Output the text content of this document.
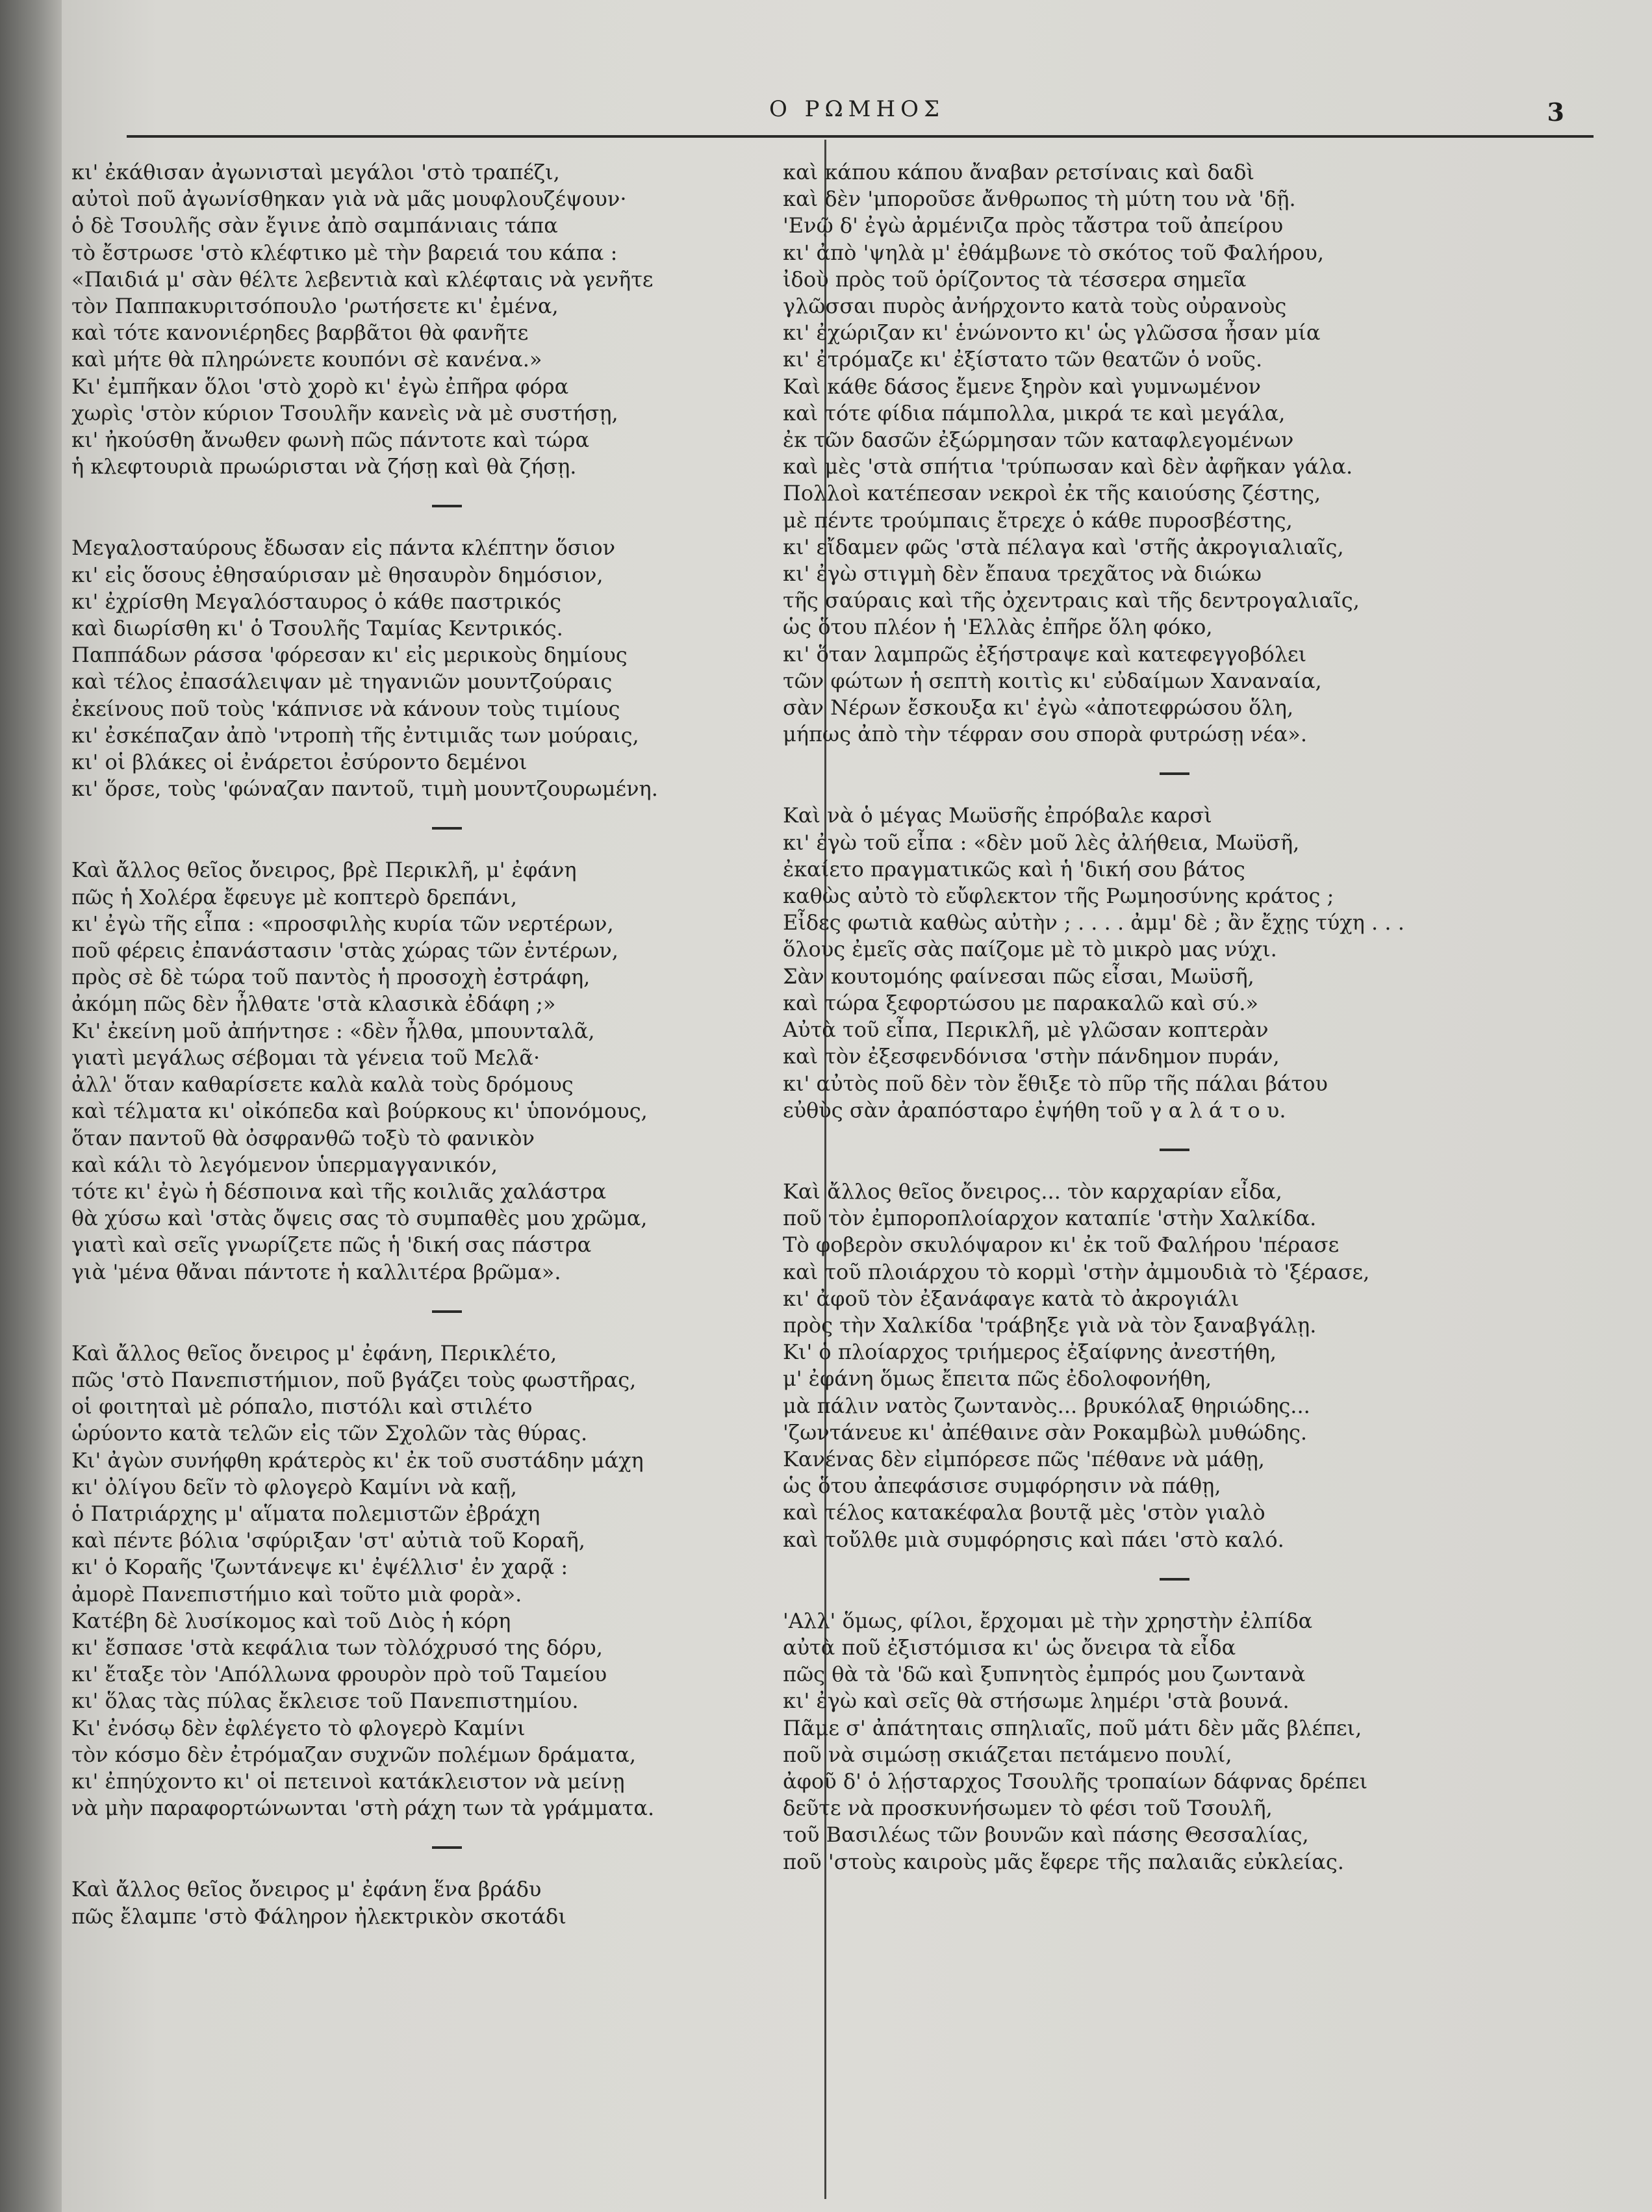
Ο ΡΩΜΗΟΣ	3
κι' ἐκάθισαν ἀγωνισταὶ μεγάλοι 'στὸ τραπέζι,
αὐτοὶ ποῦ ἀγωνίσθηκαν γιὰ νὰ μᾶς μουφλουζέψουν·
ὁ δὲ Τσουλῆς σὰν ἔγινε ἀπὸ σαμπάνιαις τάπα
τὸ ἔστρωσε 'στὸ κλέφτικο μὲ τὴν βαρειά του κάπα :
«Παιδιά μ' σὰν θέλτε λεβεντιὰ καὶ κλέφταις νὰ γενῆτε
τὸν Παππακυριτσόπουλο 'ρωτήσετε κι' ἐμένα,
καὶ τότε κανονιέρηδες βαρβᾶτοι θὰ φανῆτε
καὶ μήτε θὰ πληρώνετε κουπόνι σὲ κανένα.»
Κι' ἐμπῆκαν ὅλοι 'στὸ χορὸ κι' ἐγὼ ἐπῆρα φόρα
χωρὶς 'στὸν κύριον Τσουλῆν κανεὶς νὰ μὲ συστήσῃ,
κι' ἠκούσθη ἄνωθεν φωνὴ πῶς πάντοτε καὶ τώρα
ἡ κλεφτουριὰ πρωώρισται νὰ ζήσῃ καὶ θὰ ζήσῃ.
Μεγαλοσταύρους ἔδωσαν εἰς πάντα κλέπτην ὅσιον
κι' εἰς ὅσους ἐθησαύρισαν μὲ θησαυρὸν δημόσιον,
κι' ἐχρίσθη Μεγαλόσταυρος ὁ κάθε παστρικός
καὶ διωρίσθη κι' ὁ Τσουλῆς Ταμίας Κεντρικός.
Παππάδων ράσσα 'φόρεσαν κι' εἰς μερικοὺς δημίους
καὶ τέλος ἐπασάλειψαν μὲ τηγανιῶν μουντζούραις
ἐκείνους ποῦ τοὺς 'κάπνισε νὰ κάνουν τοὺς τιμίους
κι' ἐσκέπαζαν ἀπὸ 'ντροπὴ τῆς ἐντιμιᾶς των μούραις,
κι' οἱ βλάκες οἱ ἐνάρετοι ἐσύροντο δεμένοι
κι' ὅρσε, τοὺς 'φώναζαν παντοῦ, τιμὴ μουντζουρωμένη.
Καὶ ἄλλος θεῖος ὄνειρος, βρὲ Περικλῆ, μ' ἐφάνη
πῶς ἡ Χολέρα ἔφευγε μὲ κοπτερὸ δρεπάνι,
κι' ἐγὼ τῆς εἶπα : «προσφιλὴς κυρία τῶν νερτέρων,
ποῦ φέρεις ἐπανάστασιν 'στὰς χώρας τῶν ἐντέρων,
πρὸς σὲ δὲ τώρα τοῦ παντὸς ἡ προσοχὴ ἐστράφη,
ἀκόμη πῶς δὲν ἦλθατε 'στὰ κλασικὰ ἐδάφη ;»
Κι' ἐκείνη μοῦ ἀπήντησε : «δὲν ἦλθα, μπουνταλᾶ,
γιατὶ μεγάλως σέβομαι τὰ γένεια τοῦ Μελᾶ·
ἀλλ' ὅταν καθαρίσετε καλὰ καλὰ τοὺς δρόμους
καὶ τέλματα κι' οἰκόπεδα καὶ βούρκους κι' ὑπονόμους,
ὅταν παντοῦ θὰ ὀσφρανθῶ τοξὺ τὸ φανικὸν
καὶ κάλι τὸ λεγόμενον ὑπερμαγγανικόν,
τότε κι' ἐγὼ ἡ δέσποινα καὶ τῆς κοιλιᾶς χαλάστρα
θὰ χύσω καὶ 'στὰς ὄψεις σας τὸ συμπαθὲς μου χρῶμα,
γιατὶ καὶ σεῖς γνωρίζετε πῶς ἡ 'δική σας πάστρα
γιὰ 'μένα θἄναι πάντοτε ἡ καλλιτέρα βρῶμα».
Καὶ ἄλλος θεῖος ὄνειρος μ' ἐφάνη, Περικλέτο,
πῶς 'στὸ Πανεπιστήμιον, ποῦ βγάζει τοὺς φωστῆρας,
οἱ φοιτηταὶ μὲ ρόπαλο, πιστόλι καὶ στιλέτο
ὡρύοντο κατὰ τελῶν εἰς τῶν Σχολῶν τὰς θύρας.
Κι' ἀγὼν συνήφθη κράτερὸς κι' ἐκ τοῦ συστάδην μάχη
κι' ὀλίγου δεῖν τὸ φλογερὸ Καμίνι νὰ καῇ,
ὁ Πατριάρχης μ' αἵματα πολεμιστῶν ἐβράχη
καὶ πέντε βόλια 'σφύριξαν 'στ' αὐτιὰ τοῦ Κοραῆ,
κι' ὁ Κοραῆς 'ζωντάνεψε κι' ἐψέλλισ' ἐν χαρᾷ :
ἀμορὲ Πανεπιστήμιο καὶ τοῦτο μιὰ φορὰ».
Κατέβη δὲ λυσίκομος καὶ τοῦ Διὸς ἡ κόρη
κι' ἔσπασε 'στὰ κεφάλια των τὸλόχρυσό της δόρυ,
κι' ἔταξε τὸν 'Απόλλωνα φρουρὸν πρὸ τοῦ Ταμείου
κι' ὅλας τὰς πύλας ἔκλεισε τοῦ Πανεπιστημίου.
Κι' ἐνόσῳ δὲν ἐφλέγετο τὸ φλογερὸ Καμίνι
τὸν κόσμο δὲν ἐτρόμαζαν συχνῶν πολέμων δράματα,
κι' ἐπηύχοντο κι' οἱ πετεινοὶ κατάκλειστον νὰ μείνῃ
νὰ μὴν παραφορτώνωνται 'στὴ ράχη των τὰ γράμματα.
Καὶ ἄλλος θεῖος ὄνειρος μ' ἐφάνη ἕνα βράδυ
πῶς ἔλαμπε 'στὸ Φάληρον ἠλεκτρικὸν σκοτάδι
καὶ κάπου κάπου ἄναβαν ρετσίναις καὶ δαδὶ
καὶ δὲν 'μποροῦσε ἄνθρωπος τὴ μύτη του νὰ 'δῇ.
'Ενῷ δ' ἐγὼ ἀρμένιζα πρὸς τἄστρα τοῦ ἀπείρου
κι' ἀπὸ 'ψηλὰ μ' ἐθάμβωνε τὸ σκότος τοῦ Φαλήρου,
ἰδοὺ πρὸς τοῦ ὁρίζοντος τὰ τέσσερα σημεῖα
γλῶσσαι πυρὸς ἀνήρχοντο κατὰ τοὺς οὐρανοὺς
κι' ἐχώριζαν κι' ἑνώνοντο κι' ὡς γλῶσσα ἦσαν μία
κι' ἐτρόμαζε κι' ἐξίστατο τῶν θεατῶν ὁ νοῦς.
Καὶ κάθε δάσος ἔμενε ξηρὸν καὶ γυμνωμένον
καὶ τότε φίδια πάμπολλα, μικρά τε καὶ μεγάλα,
ἐκ τῶν δασῶν ἐξώρμησαν τῶν καταφλεγομένων
καὶ μὲς 'στὰ σπήτια 'τρύπωσαν καὶ δὲν ἀφῆκαν γάλα.
Πολλοὶ κατέπεσαν νεκροὶ ἐκ τῆς καιούσης ζέστης,
μὲ πέντε τρούμπαις ἔτρεχε ὁ κάθε πυροσβέστης,
κι' εἴδαμεν φῶς 'στὰ πέλαγα καὶ 'στῆς ἀκρογιαλιαῖς,
κι' ἐγὼ στιγμὴ δὲν ἔπαυα τρεχᾶτος νὰ διώκω
τῆς σαύραις καὶ τῆς ὀχεντραις καὶ τῆς δεντρογαλιαῖς,
ὡς ὅτου πλέον ἡ 'Ελλὰς ἐπῆρε ὅλη φόκο,
κι' ὅταν λαμπρῶς ἐξήστραψε καὶ κατεφεγγοβόλει
τῶν φώτων ἡ σεπτὴ κοιτὶς κι' εὐδαίμων Χαναναία,
σὰν Νέρων ἔσκουξα κι' ἐγὼ «ἀποτεφρώσου ὅλη,
μήπως ἀπὸ τὴν τέφραν σου σπορὰ φυτρώσῃ νέα».
Καὶ νὰ ὁ μέγας Μωϋσῆς ἐπρόβαλε καρσὶ
κι' ἐγὼ τοῦ εἶπα : «δὲν μοῦ λὲς ἀλήθεια, Μωϋσῆ,
ἐκαίετο πραγματικῶς καὶ ἡ 'δική σου βάτος
καθὼς αὐτὸ τὸ εὔφλεκτον τῆς Ρωμηοσύνης κράτος ;
Εἶδες φωτιὰ καθὼς αὐτὴν ; . . . . ἀμμ' δὲ ; ἂν ἔχῃς τύχη . . .
ὅλους ἐμεῖς σὰς παίζομε μὲ τὸ μικρὸ μας νύχι.
Σὰν κουτομόης φαίνεσαι πῶς εἶσαι, Μωϋσῆ,
καὶ τώρα ξεφορτώσου με παρακαλῶ καὶ σύ.»
Αὐτὰ τοῦ εἶπα, Περικλῆ, μὲ γλῶσαν κοπτερὰν
καὶ τὸν ἐξεσφενδόνισα 'στὴν πάνδημον πυράν,
κι' αὐτὸς ποῦ δὲν τὸν ἔθιξε τὸ πῦρ τῆς πάλαι βάτου
εὐθὺς σὰν ἀραπόσταρο ἐψήθη τοῦ γ α λ ά τ ο υ.
Καὶ ἄλλος θεῖος ὄνειρος... τὸν καρχαρίαν εἶδα,
ποῦ τὸν ἐμποροπλοίαρχον καταπίε 'στὴν Χαλκίδα.
Τὸ φοβερὸν σκυλόψαρον κι' ἐκ τοῦ Φαλήρου 'πέρασε
καὶ τοῦ πλοιάρχου τὸ κορμὶ 'στὴν ἀμμουδιὰ τὸ 'ξέρασε,
κι' ἀφοῦ τὸν ἐξανάφαγε κατὰ τὸ ἀκρογιάλι
πρὸς τὴν Χαλκίδα 'τράβηξε γιὰ νὰ τὸν ξαναβγάλῃ.
Κι' ὁ πλοίαρχος τριήμερος ἐξαίφνης ἀνεστήθη,
μ' ἐφάνη ὅμως ἔπειτα πῶς ἐδολοφονήθη,
μὰ πάλιν νατὸς ζωντανὸς... βρυκόλαξ θηριώδης...
'ζωντάνευε κι' ἀπέθαινε σὰν Ροκαμβὼλ μυθώδης.
Κανένας δὲν εἰμπόρεσε πῶς 'πέθανε νὰ μάθῃ,
ὡς ὅτου ἀπεφάσισε συμφόρησιν νὰ πάθῃ,
καὶ τέλος κατακέφαλα βουτᾷ μὲς 'στὸν γιαλὸ
καὶ τοὔλθε μιὰ συμφόρησις καὶ πάει 'στὸ καλό.
'Αλλ' ὅμως, φίλοι, ἔρχομαι μὲ τὴν χρηστὴν ἐλπίδα
αὐτὰ ποῦ ἐξιστόμισα κι' ὡς ὄνειρα τὰ εἶδα
πῶς θὰ τὰ 'δῶ καὶ ξυπνητὸς ἐμπρός μου ζωντανὰ
κι' ἐγὼ καὶ σεῖς θὰ στήσωμε λημέρι 'στὰ βουνά.
Πᾶμε σ' ἀπάτηταις σπηλιαῖς, ποῦ μάτι δὲν μᾶς βλέπει,
ποῦ νὰ σιμώσῃ σκιάζεται πετάμενο πουλί,
ἀφοῦ δ' ὁ λῄσταρχος Τσουλῆς τροπαίων δάφνας δρέπει
δεῦτε νὰ προσκυνήσωμεν τὸ φέσι τοῦ Τσουλῆ,
τοῦ Βασιλέως τῶν βουνῶν καὶ πάσης Θεσσαλίας,
ποῦ 'στοὺς καιροὺς μᾶς ἔφερε τῆς παλαιᾶς εὐκλείας.
